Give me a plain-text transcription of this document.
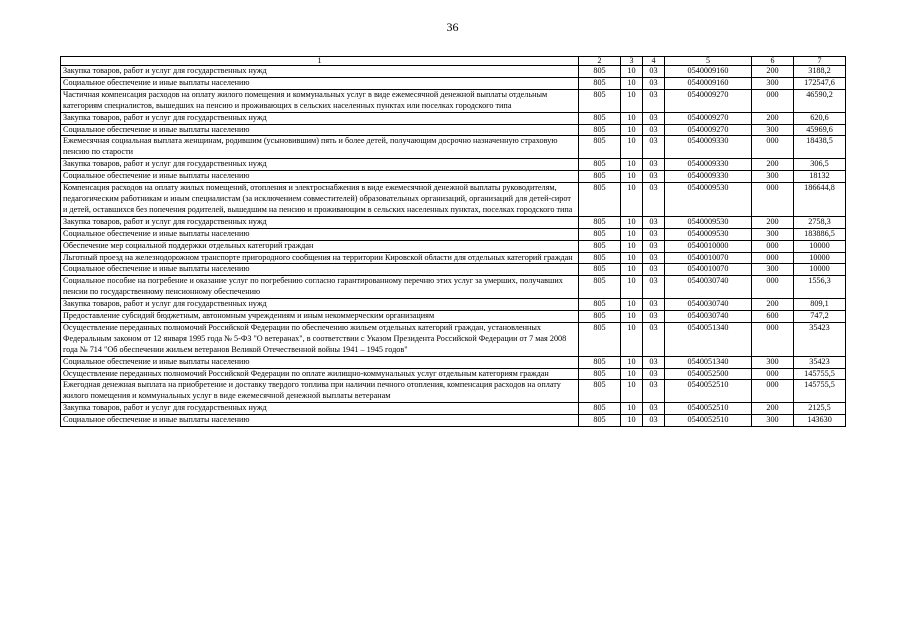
36
1	2	3	4	5	6	7
Закупка товаров, работ и услуг для государственных нужд	805	10	03	0540009160	200	3188,2
Социальное обеспечение и иные выплаты населению	805	10	03	0540009160	300	172547,6
Частичная компенсация расходов на оплату жилого помещения и коммунальных услуг в виде ежемесячной денежной выплаты отдельным категориям специалистов, вышедших на пенсию и проживающих в сельских населенных пунктах или поселках городского типа	805	10	03	0540009270	000	46590,2
Закупка товаров, работ и услуг для государственных нужд	805	10	03	0540009270	200	620,6
Социальное обеспечение и иные выплаты населению	805	10	03	0540009270	300	45969,6
Ежемесячная социальная выплата женщинам, родившим (усыновившим) пять и более детей, получающим досрочно назначенную страховую пенсию по старости	805	10	03	0540009330	000	18438,5
Закупка товаров, работ и услуг для государственных нужд	805	10	03	0540009330	200	306,5
Социальное обеспечение и иные выплаты населению	805	10	03	0540009330	300	18132
Компенсация расходов на оплату жилых помещений, отопления и электроснабжения в виде ежемесячной денежной выплаты руководителям, педагогическим работникам и иным специалистам (за исключением совместителей) образовательных организаций, организаций для детей-сирот и детей, оставшихся без попечения родителей, вышедшим на пенсию и проживающим в сельских населенных пунктах, поселках городского типа	805	10	03	0540009530	000	186644,8
Закупка товаров, работ и услуг для государственных нужд	805	10	03	0540009530	200	2758,3
Социальное обеспечение и иные выплаты населению	805	10	03	0540009530	300	183886,5
Обеспечение мер социальной поддержки отдельных категорий граждан	805	10	03	0540010000	000	10000
Льготный проезд на железнодорожном транспорте пригородного сообщения на территории Кировской области для отдельных категорий граждан	805	10	03	0540010070	000	10000
Социальное обеспечение и иные выплаты населению	805	10	03	0540010070	300	10000
Социальное пособие на погребение и оказание услуг по погребению согласно гарантированному перечню этих услуг за умерших, получавших пенсии по государственному пенсионному обеспечению	805	10	03	0540030740	000	1556,3
Закупка товаров, работ и услуг для государственных нужд	805	10	03	0540030740	200	809,1
Предоставление субсидий бюджетным, автономным учреждениям и иным некоммерческим организациям	805	10	03	0540030740	600	747,2
Осуществление переданных полномочий Российской Федерации по обеспечению жильем отдельных категорий граждан, установленных Федеральным законом от 12 января 1995 года № 5-ФЗ "О ветеранах", в соответствии с Указом Президента Российской Федерации от 7 мая 2008 года № 714 "Об обеспечении жильем ветеранов Великой Отечественной войны 1941 – 1945 годов"	805	10	03	0540051340	000	35423
Социальное обеспечение и иные выплаты населению	805	10	03	0540051340	300	35423
Осуществление переданных полномочий Российской Федерации по оплате жилищно-коммунальных услуг отдельным категориям граждан	805	10	03	0540052500	000	145755,5
Ежегодная денежная выплата на приобретение и доставку твердого топлива при наличии печного отопления, компенсация расходов на оплату жилого помещения и коммунальных услуг в виде ежемесячной денежной выплаты ветеранам	805	10	03	0540052510	000	145755,5
Закупка товаров, работ и услуг для государственных нужд	805	10	03	0540052510	200	2125,5
Социальное обеспечение и иные выплаты населению	805	10	03	0540052510	300	143630
